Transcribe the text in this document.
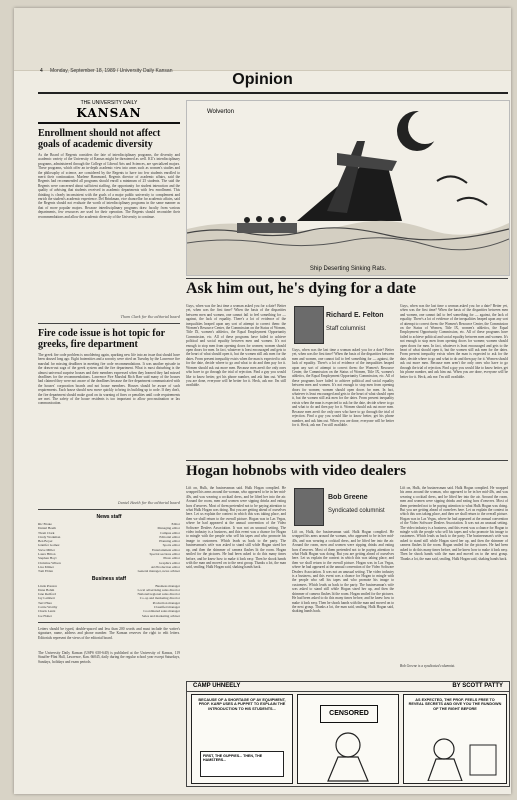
4 Monday, September 18, 1989 / University Daily Kansan	Opinion
THE UNIVERSITY DAILY
KANSAN
Enrollment should not affect goals of academic diversity
As the Board of Regents considers the fate of interdisciplinary programs, the diversity and academic variety of the University of Kansas might be threatened as well. KU's interdisciplinary programs, administered through the College of Liberal Arts and Sciences, are specialized majors. These programs, which offer an in-depth academic view into areas such as women's studies and the philosophy of science, are considered by the Regents to have too few students enrolled to merit their continuation. Marlene Hammond, Regents director of academic affairs, said the Regents had recommended all programs should enroll a minimum of 25 students. The said the Regents were concerned about sufficient staffing, the opportunity for student interaction and the quality of advising that students received in academic departments with few enrollment. This thinking is clearly inconsistent with the goals of a major public university to complement and enrich the student's academic experience. Del Brinkman, vice chancellor for academic affairs, said the Regents should not evaluate the worth of interdisciplinary programs in the same manner as that of more popular majors. Because interdisciplinary programs draw faculty from various departments, few resources are used for their operation. The Regents should reconsider their recommendations and allow the academic diversity of the University to continue.
Thom Clark for the editorial board
Fire code issue is hot topic for greeks, fire department
The greek fire code problem is smoldering again, sparking new life into an issue that should have been doused long ago. Eight fraternities and a sorority were cited on Tuesday by the Lawrence fire marshal for missing deadlines in meeting fire code recommendations. It was another episode in the drawn-out saga of the greek system and the fire department. What is most disturbing is the almost universal surprise houses and their members expressed when they learned they had missed deadlines for the recommendations. Lawrence Fire Marshal Rich Barr said many of the houses had claimed they were not aware of the deadlines because the fire department communicated with the houses' corporation boards and not house members. Houses should be aware of such requirements. Each house should now move quickly to bring its building up to code. If they don't, the fire department should make good on its warning of fines or penalties until code requirements are met. The safety of the house residents is too important to allow procrastination or lax communication.
Daniel Heeth for the editorial board
News staff
Ric Broke	Editor
Daniel Heeth	Managing editor
Thom Clark	Campus editor
Cindy Workman	Editorial editor
Ben Boyer	Planning editor
Jennifer Gomez	Sports editor
Steve Miller	Entertainment editor
Laura Hilton	Special sections editor
Stephen Hoyt	Photo editor
Christine Wilson	Graphics editor
Lisa Milner	Art/Production editor
Tom Eblen	General manager, news adviser
Business staff
Linda Preston	Business manager
Dana Bohm	Local advertising sales director
Jane Redford	National/regional sales director
Jay Lambert	Co-op and marketing director
Terri Hare	Production manager
Carrie Worthy	Classified manager
Chuck Lentz	Coordinated sales manager
Joe Fisher	Sales and marketing adviser
Letters should be typed, double-spaced and less than 200 words and must include the writer's signature, name, address and phone number. The Kansan reserves the right to edit letters. Editorials represent the views of the editorial board.
The University Daily Kansan (USPS 650-640) is published at the University of Kansas, 119 Stauffer-Flint Hall, Lawrence, Kan. 66045, daily during the regular school year except Saturdays, Sundays, holidays and exam periods.
Wolverton
Ship Deserting Sinking Rats.
Ask him out, he's dying for a date
Guys, when was the last time a woman asked you for a date? Better yet, when was the first time? When the basis of the disparities between men and women, one cannot fail to feel something for — against, the lack of equality. There's a lot of evidence of the inequalities heaped upon any sort of attempt to correct them: the Women's Resource Center, the Commission on the Status of Women, Title IX, women's athletics, the Equal Employment Opportunity Commission, etc. All of these programs have failed to achieve political and social equality between men and women. It's not enough to stop men from opening doors for women; women should open doors for men. In fact, whatever is least encouraged and gets to the heart of what should open it, but the women still ask men for the dates. From present inequality exists when the man is expected to ask for the date, decide where to go and what to do and then pay for it. Women should ask out more men. Because men aren't the only ones who have to go through the trial of rejection. Find a guy you would like to know better, get his phone number, and ask him out. When you are done, everyone will be better for it. Heck, ask me. I'm still available.
Richard E. Felton
Staff columnist
Guys, when was the last time a woman asked you for a date? Better yet, when was the first time? When the basis of the disparities between men and women, one cannot fail to feel something for — against, the lack of equality. There's a lot of evidence of the inequalities heaped upon any sort of attempt to correct them: the Women's Resource Center, the Commission on the Status of Women, Title IX, women's athletics, the Equal Employment Opportunity Commission, etc. All of these programs have failed to achieve political and social equality between men and women. It's not enough to stop men from opening doors for women; women should open doors for men. In fact, whatever is least encouraged and gets to the heart of what should open it, but the women still ask men for the dates. From present inequality exists when the man is expected to ask for the date, decide where to go and what to do and then pay for it. Women should ask out more men. Because men aren't the only ones who have to go through the trial of rejection. Find a guy you would like to know better, get his phone number, and ask him out. When you are done, everyone will be better for it. Heck, ask me. I'm still available.
Guys, when was the last time a woman asked you for a date? Better yet, when was the first time? When the basis of the disparities between men and women, one cannot fail to feel something for — against, the lack of equality. There's a lot of evidence of the inequalities heaped upon any sort of attempt to correct them: the Women's Resource Center, the Commission on the Status of Women, Title IX, women's athletics, the Equal Employment Opportunity Commission, etc. All of these programs have failed to achieve political and social equality between men and women. It's not enough to stop men from opening doors for women; women should open doors for men. In fact, whatever is least encouraged and gets to the heart of what should open it, but the women still ask men for the dates. From present inequality exists when the man is expected to ask for the date, decide where to go and what to do and then pay for it. Women should ask out more men. Because men aren't the only ones who have to go through the trial of rejection. Find a guy you would like to know better, get his phone number, and ask him out. When you are done, everyone will be better for it. Heck, ask me. I'm still available.
Hogan hobnobs with video dealers
Lift on, Hulk, the businessman said. Hulk Hogan complied. He wrapped his arms around the woman, who appeared to be in her mid-40s, and was wearing a cocktail dress, and he lifted her into the air. Around the room, men and women were sipping drinks and eating hors d'oeuvres. Most of them pretended not to be paying attention to what Hulk Hogan was doing. But you are getting ahead of ourselves here. Let us explain the context in which this was taking place, and then we shall return to the overall picture. Hogan was in Las Vegas, where he had appeared at the annual convention of the Video Software Dealers Association. It was not an unusual setting. The video industry is a business, and this event was a chance for Hogan to mingle with the people who sell his tapes and who promote his image to customers. Which leads us back to the party. The businessman's wife was asked to stand still while Hogan sized her up, and then the shimmer of camera flashes lit the room. Hogan smiled for the pictures. He had been asked to do this many times before, and he knew how to make it look easy. Then he shook hands with the man and moved on to the next group. Thanks a lot, the man said, smiling. Hulk Hogan said, shaking hands back.
Bob Greene
Syndicated columnist
Lift on, Hulk, the businessman said. Hulk Hogan complied. He wrapped his arms around the woman, who appeared to be in her mid-40s, and was wearing a cocktail dress, and he lifted her into the air. Around the room, men and women were sipping drinks and eating hors d'oeuvres. Most of them pretended not to be paying attention to what Hulk Hogan was doing. But you are getting ahead of ourselves here. Let us explain the context in which this was taking place, and then we shall return to the overall picture. Hogan was in Las Vegas, where he had appeared at the annual convention of the Video Software Dealers Association. It was not an unusual setting. The video industry is a business, and this event was a chance for Hogan to mingle with the people who sell his tapes and who promote his image to customers. Which leads us back to the party. The businessman's wife was asked to stand still while Hogan sized her up, and then the shimmer of camera flashes lit the room. Hogan smiled for the pictures. He had been asked to do this many times before, and he knew how to make it look easy. Then he shook hands with the man and moved on to the next group. Thanks a lot, the man said, smiling. Hulk Hogan said, shaking hands back.
Lift on, Hulk, the businessman said. Hulk Hogan complied. He wrapped his arms around the woman, who appeared to be in her mid-40s, and was wearing a cocktail dress, and he lifted her into the air. Around the room, men and women were sipping drinks and eating hors d'oeuvres. Most of them pretended not to be paying attention to what Hulk Hogan was doing. But you are getting ahead of ourselves here. Let us explain the context in which this was taking place, and then we shall return to the overall picture. Hogan was in Las Vegas, where he had appeared at the annual convention of the Video Software Dealers Association. It was not an unusual setting. The video industry is a business, and this event was a chance for Hogan to mingle with the people who sell his tapes and who promote his image to customers. Which leads us back to the party. The businessman's wife was asked to stand still while Hogan sized her up, and then the shimmer of camera flashes lit the room. Hogan smiled for the pictures. He had been asked to do this many times before, and he knew how to make it look easy. Then he shook hands with the man and moved on to the next group. Thanks a lot, the man said, smiling. Hulk Hogan said, shaking hands back.
Bob Greene is a syndicated columnist.
CAMP UHNEELY	BY SCOTT PATTY
BECAUSE OF A SHORTAGE OF AV EQUIPMENT, PROF. KARP USES A PUPPET TO EXPLAIN THE INTRODUCTION TO HIS STUDENTS...
FIRST, THE GUPPIES... THEN, THE HAMSTERS...
CENSORED
AS EXPECTED, THE PROF. FEELS FREE TO REVEAL SECRETS AND GIVE YOU THE RUNDOWN OF THE RIGHT BEFORE
